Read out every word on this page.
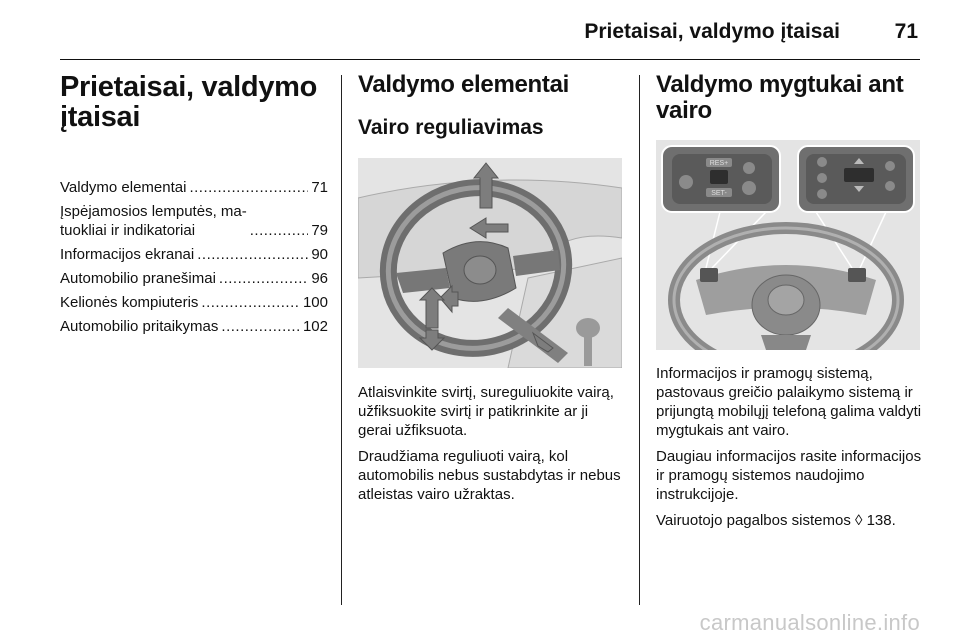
Prietaisai, valdymo įtaisai	71
Prietaisai, valdymo įtaisai
Valdymo elementai .....	71
Įspėjamosios lemputės, ma-
tuokliai ir indikatoriai .....	79
Informacijos ekranai .....	90
Automobilio pranešimai .....	96
Kelionės kompiuteris .....	100
Automobilio pritaikymas .....	102
Valdymo elementai
Vairo reguliavimas

Atlaisvinkite svirtį, sureguliuokite vairą, užfiksuokite svirtį ir patikrinkite ar ji gerai užfiksuota.

Draudžiama reguliuoti vairą, kol automobilis nebus sustabdytas ir nebus atleistas vairo užraktas.

Valdymo mygtukai ant vairo
RES+
SET-

Informacijos ir pramogų sistemą, pastovaus greičio palaikymo sistemą ir prijungtą mobilųjį telefoną galima valdyti mygtukais ant vairo.

Daugiau informacijos rasite informacijos ir pramogų sistemos naudojimo instrukcijoje.

Vairuotojo pagalbos sistemos ◊ 138.

carmanualsonline.info
